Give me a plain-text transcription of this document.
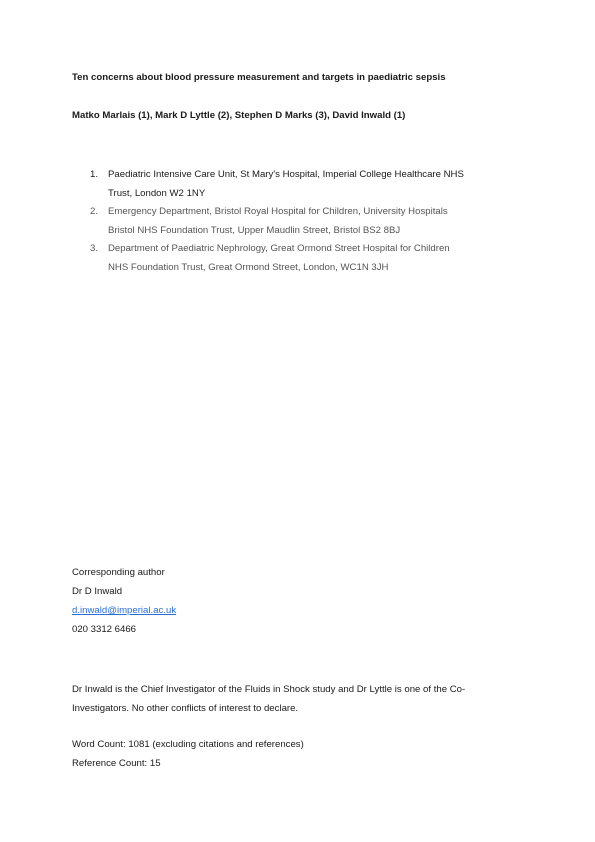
Ten concerns about blood pressure measurement and targets in paediatric sepsis
Matko Marlais (1), Mark D Lyttle (2), Stephen D Marks (3), David Inwald (1)
1. Paediatric Intensive Care Unit, St Mary's Hospital, Imperial College Healthcare NHS
Trust, London W2 1NY
2. Emergency Department, Bristol Royal Hospital for Children, University Hospitals
Bristol NHS Foundation Trust, Upper Maudlin Street, Bristol BS2 8BJ
3. Department of Paediatric Nephrology, Great Ormond Street Hospital for Children
NHS Foundation Trust, Great Ormond Street, London, WC1N 3JH
Corresponding author
Dr D Inwald
d.inwald@imperial.ac.uk
020 3312 6466
Dr Inwald is the Chief Investigator of the Fluids in Shock study and Dr Lyttle is one of the Co-
Investigators. No other conflicts of interest to declare.
Word Count: 1081 (excluding citations and references)
Reference Count: 15
